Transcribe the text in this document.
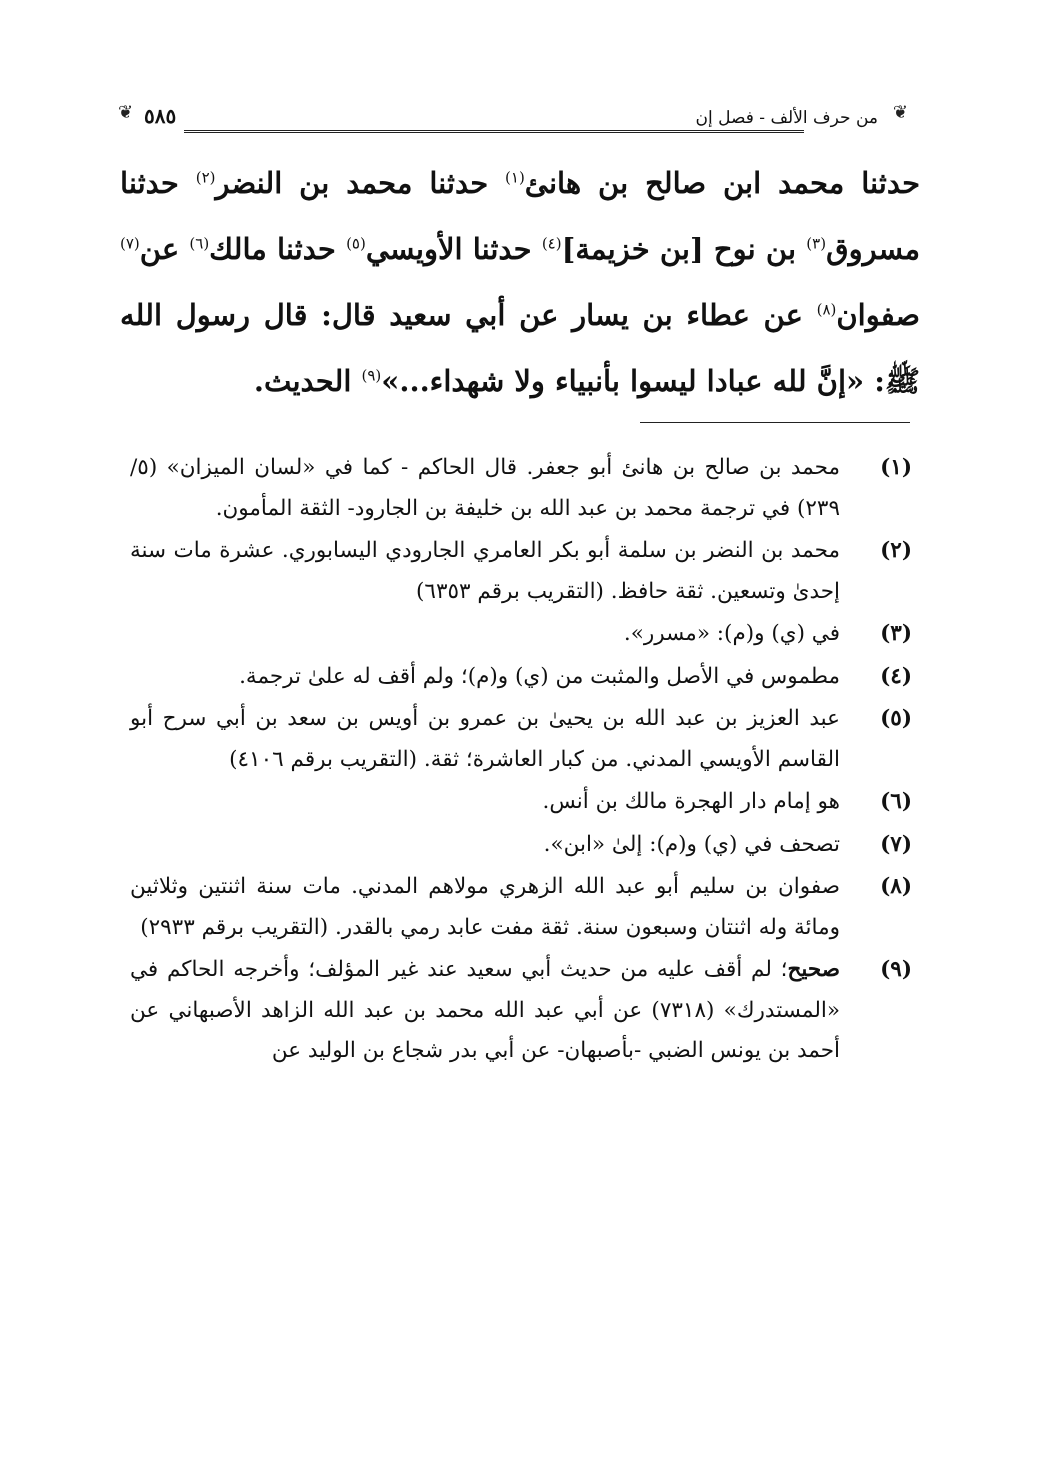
❦
من حرف الألف - فصل إن
٥٨٥
❦
حدثنا محمد ابن صالح بن هانئ$^{(١)}$ حدثنا محمد بن النضر$^{(٢)}$ حدثنا مسروق$^{(٣)}$ بن نوح [بن خزيمة]$^{(٤)}$ حدثنا الأويسي$^{(٥)}$ حدثنا مالك$^{(٦)}$ عن$^{(٧)}$ صفوان$^{(٨)}$ عن عطاء بن يسار عن أبي سعيد قال: قال رسول الله ﷺ: «إنَّ لله عبادا ليسوا بأنبياء ولا شهداء...»$^{(٩)}$ الحديث.
(١)
محمد بن صالح بن هانئ أبو جعفر. قال الحاكم - كما في «لسان الميزان» (٥/ ٢٣٩) في ترجمة محمد بن عبد الله بن خليفة بن الجارود- الثقة المأمون.
(٢)
محمد بن النضر بن سلمة أبو بكر العامري الجارودي اليسابوري. عشرة مات سنة إحدىٰ وتسعين. ثقة حافظ. (التقريب برقم ٦٣٥٣)
(٣)
في (ي) و(م): «مسرر».
(٤)
مطموس في الأصل والمثبت من (ي) و(م)؛ ولم أقف له علىٰ ترجمة.
(٥)
عبد العزيز بن عبد الله بن يحيىٰ بن عمرو بن أويس بن سعد بن أبي سرح أبو القاسم الأويسي المدني. من كبار العاشرة؛ ثقة. (التقريب برقم ٤١٠٦)
(٦)
هو إمام دار الهجرة مالك بن أنس.
(٧)
تصحف في (ي) و(م): إلىٰ «ابن».
(٨)
صفوان بن سليم أبو عبد الله الزهري مولاهم المدني. مات سنة اثنتين وثلاثين ومائة وله اثنتان وسبعون سنة. ثقة مفت عابد رمي بالقدر. (التقريب برقم ٢٩٣٣)
(٩)
صحيح؛ لم أقف عليه من حديث أبي سعيد عند غير المؤلف؛ وأخرجه الحاكم في «المستدرك» (٧٣١٨) عن أبي عبد الله محمد بن عبد الله الزاهد الأصبهاني عن أحمد بن يونس الضبي -بأصبهان- عن أبي بدر شجاع بن الوليد عن
